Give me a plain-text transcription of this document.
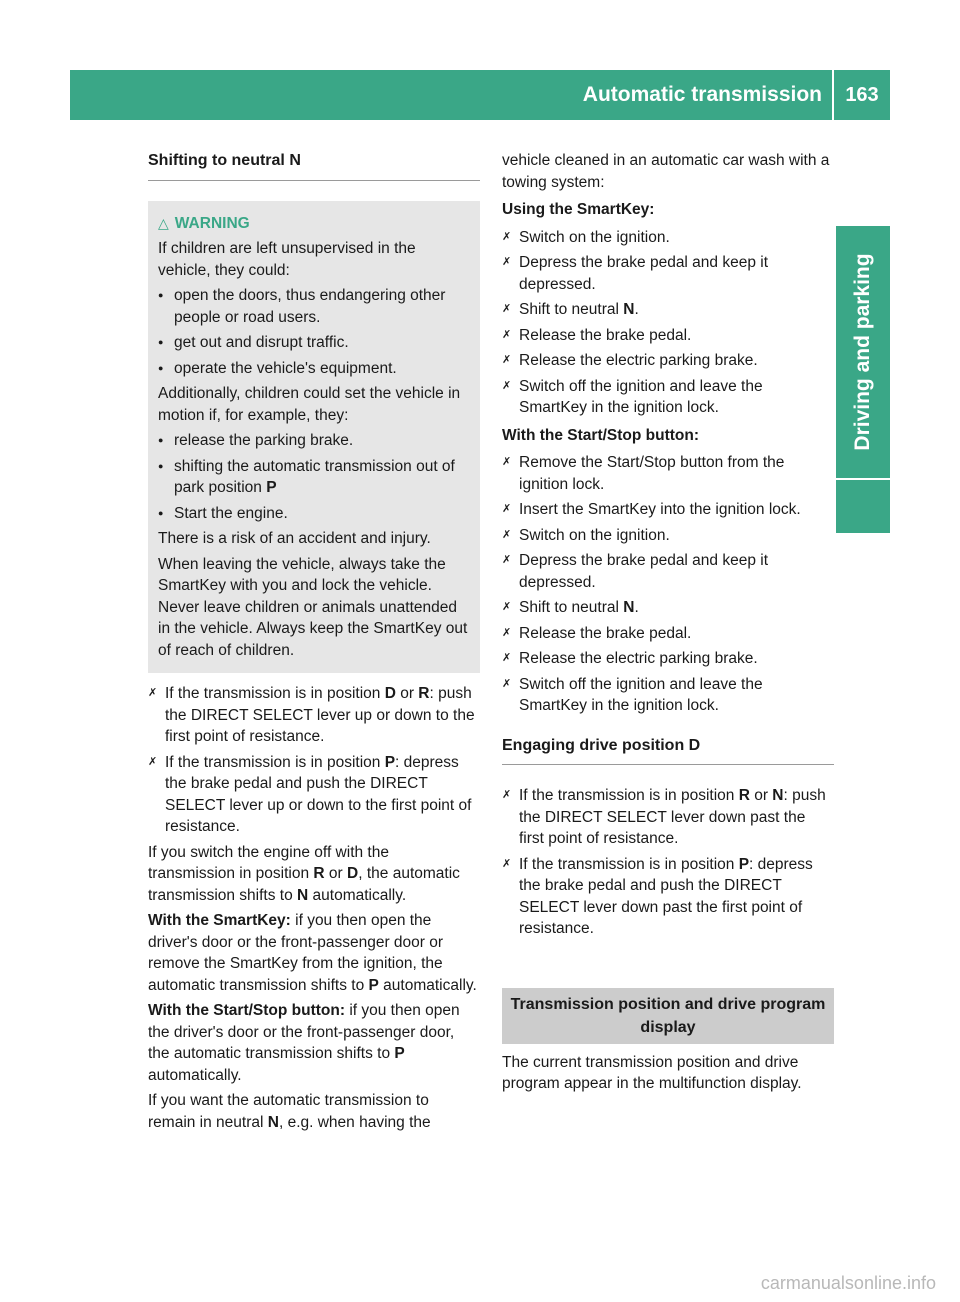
Automatic transmission	163
Driving and parking
Shifting to neutral N
△ WARNING

If children are left unsupervised in the vehicle, they could:

● open the doors, thus endangering other people or road users.
● get out and disrupt traffic.
● operate the vehicle's equipment.

Additionally, children could set the vehicle in motion if, for example, they:

● release the parking brake.
● shifting the automatic transmission out of park position P
● Start the engine.

There is a risk of an accident and injury.

When leaving the vehicle, always take the SmartKey with you and lock the vehicle. Never leave children or animals unattended in the vehicle. Always keep the SmartKey out of reach of children.

✗ If the transmission is in position D or R: push the DIRECT SELECT lever up or down to the first point of resistance.
✗ If the transmission is in position P: depress the brake pedal and push the DIRECT SELECT lever up or down to the first point of resistance.

If you switch the engine off with the transmission in position R or D, the automatic transmission shifts to N automatically.

With the SmartKey: if you then open the driver's door or the front-passenger door or remove the SmartKey from the ignition, the automatic transmission shifts to P automatically.

With the Start/Stop button: if you then open the driver's door or the front-passenger door, the automatic transmission shifts to P automatically.

If you want the automatic transmission to remain in neutral N, e.g. when having the

vehicle cleaned in an automatic car wash with a towing system:

Using the SmartKey:
✗ Switch on the ignition.
✗ Depress the brake pedal and keep it depressed.
✗ Shift to neutral N.
✗ Release the brake pedal.
✗ Release the electric parking brake.
✗ Switch off the ignition and leave the SmartKey in the ignition lock.
With the Start/Stop button:
✗ Remove the Start/Stop button from the ignition lock.
✗ Insert the SmartKey into the ignition lock.
✗ Switch on the ignition.
✗ Depress the brake pedal and keep it depressed.
✗ Shift to neutral N.
✗ Release the brake pedal.
✗ Release the electric parking brake.
✗ Switch off the ignition and leave the SmartKey in the ignition lock.
Engaging drive position D
✗ If the transmission is in position R or N: push the DIRECT SELECT lever down past the first point of resistance.
✗ If the transmission is in position P: depress the brake pedal and push the DIRECT SELECT lever down past the first point of resistance.
Transmission position and drive program display

The current transmission position and drive program appear in the multifunction display.

carmanualsonline.info
